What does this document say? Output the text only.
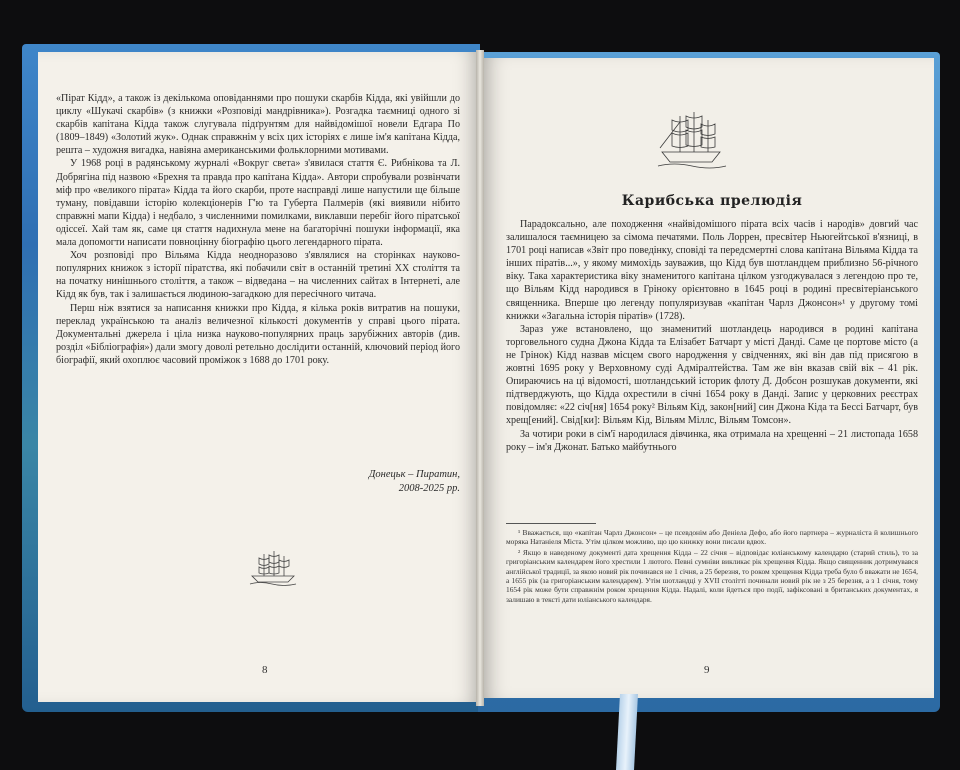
«Пірат Кідд», а також із декількома оповіданнями про пошуки скарбів Кідда, які увійшли до циклу «Шукачі скарбів» (з книжки «Розповіді мандрівника»). Розгадка таємниці одного зі скарбів капітана Кідда також слугувала підґрунтям для найвідомішої новели Едгара По (1809–1849) «Золотий жук». Однак справжнім у всіх цих історіях є лише ім'я капітана Кідда, решта – художня вигадка, навіяна американськими фольклорними мотивами.

У 1968 році в радянському журналі «Вокруг света» з'явилася стаття Є. Рибнікова та Л. Добрягіна під назвою «Брехня та правда про капітана Кідда». Автори спробували розвінчати міф про «великого пірата» Кідда та його скарби, проте насправді лише напустили ще більше туману, повідавши історію колекціонерів Г'ю та Губерта Палмерів (які виявили нібито справжні мапи Кідда) і недбало, з численними помилками, виклавши перебіг його піратської одіссеї. Хай там як, саме ця стаття надихнула мене на багаторічні пошуки інформації, яка мала допомогти написати повноцінну біографію цього легендарного пірата.

Хоч розповіді про Вільяма Кідда неодноразово з'являлися на сторінках науково-популярних книжок з історії піратства, які побачили світ в останній третині XX століття та на початку нинішнього століття, а також – відведана – на численних сайтах в Інтернеті, але Кідд як був, так і залишається людиною-загадкою для пересічного читача.

Перш ніж взятися за написання книжки про Кідда, я кілька років витратив на пошуки, переклад українською та аналіз величезної кількості документів у справі цього пірата. Документальні джерела і ціла низка науково-популярних праць зарубіжних авторів (див. розділ «Бібліографія») дали змогу доволі ретельно дослідити останній, ключовий період його біографії, який охоплює часовий проміжок з 1688 до 1701 року.

Донецьк – Пиратин,
2008-2025 рр.
8
Карибська прелюдія

Парадоксально, але походження «найвідомішого пірата всіх часів і народів» довгий час залишалося таємницею за сімома печатями. Поль Лоррен, пресвітер Ньюгейтської в'язниці, в 1701 році написав «Звіт про поведінку, сповіді та передсмертні слова капітана Вільяма Кідда та інших піратів...», у якому мимохідь зауважив, що Кідд був шотландцем приблизно 56-річного віку. Така характеристика віку знаменитого капітана цілком узгоджувалася з легендою про те, що Вільям Кідд народився в Гріноку орієнтовно в 1645 році в родині пресвітеріанського священника. Вперше цю легенду популяризував «капітан Чарлз Джонсон»¹ у другому томі книжки «Загальна історія піратів» (1728).

Зараз уже встановлено, що знаменитий шотландець народився в родині капітана торговельного судна Джона Кідда та Елізабет Батчарт у місті Данді. Саме це портове місто (а не Грінок) Кідд назвав місцем свого народження у свідченнях, які він дав під присягою в жовтні 1695 року у Верховному суді Адміралтейства. Там же він вказав свій вік – 41 рік. Опираючись на ці відомості, шотландський історик флоту Д. Добсон розшукав документи, які підтверджують, що Кідда охрестили в січні 1654 року в Данді. Запис у церковних реєстрах повідомляє: «22 січ[ня] 1654 року² Вільям Кід, закон[ний] син Джона Кіда та Бессі Батчарт, був хрещ[ений]. Свід[ки]: Вільям Кід, Вільям Міллс, Вільям Томсон».

За чотири роки в сім'ї народилася дівчинка, яка отримала на хрещенні – 21 листопада 1658 року – ім'я Джонат. Батько майбутнього

¹ Вважається, що «капітан Чарлз Джонсон» – це псевдонім або Денiела Дефо, або його партнера – журналіста й колишнього моряка Натаніеля Міста. Утім цілком можливо, що цю книжку вони писали вдвох.

² Якщо в наведеному документі дата хрещення Кідда – 22 січня – відповідає юліанському календарю (старий стиль), то за григоріанським календарем його хрестили 1 лютого. Певні сумніви викликає рік хрещення Кідда. Якщо священник дотримувався англійської традиції, за якою новий рік починався не 1 січня, а 25 березня, то роком хрещення Кідда треба було б вважати не 1654, а 1655 рік (за григоріанським календарем). Утім шотландці у XVII столітті починали новий рік не з 25 березня, а з 1 січня, тому 1654 рік може бути справжнім роком хрещення Кідда. Надалі, коли йдеться про події, зафіксовані в британських документах, я залишаю в тексті дати юліанського календаря.

9
